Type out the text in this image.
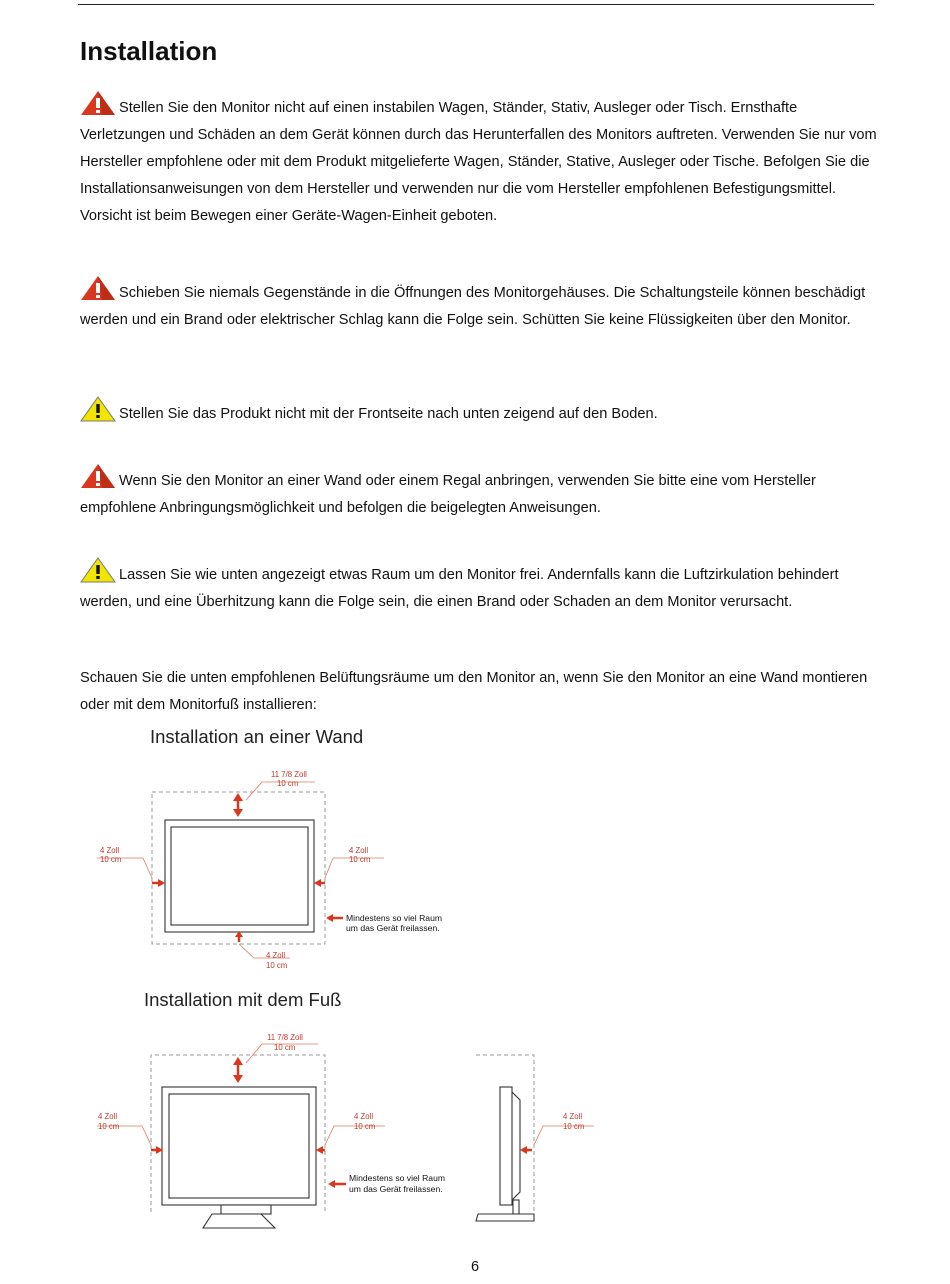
Installation

Stellen Sie den Monitor nicht auf einen instabilen Wagen, Ständer, Stativ, Ausleger oder Tisch. Ernsthafte Verletzungen und Schäden an dem Gerät können durch das Herunterfallen des Monitors auftreten. Verwenden Sie nur vom Hersteller empfohlene oder mit dem Produkt mitgelieferte Wagen, Ständer, Stative, Ausleger oder Tische. Befolgen Sie die Installationsanweisungen von dem Hersteller und verwenden nur die vom Hersteller empfohlenen Befestigungsmittel. Vorsicht ist beim Bewegen einer Geräte-Wagen-Einheit geboten.

Schieben Sie niemals Gegenstände in die Öffnungen des Monitorgehäuses. Die Schaltungsteile können beschädigt werden und ein Brand oder elektrischer Schlag kann die Folge sein. Schütten Sie keine Flüssigkeiten über den Monitor.

Stellen Sie das Produkt nicht mit der Frontseite nach unten zeigend auf den Boden.

Wenn Sie den Monitor an einer Wand oder einem Regal anbringen, verwenden Sie bitte eine vom Hersteller empfohlene Anbringungsmöglichkeit und befolgen die beigelegten Anweisungen.

Lassen Sie wie unten angezeigt etwas Raum um den Monitor frei. Andernfalls kann die Luftzirkulation behindert werden, und eine Überhitzung kann die Folge sein, die einen Brand oder Schaden an dem Monitor verursacht.

Schauen Sie die unten empfohlenen Belüftungsräume um den Monitor an, wenn Sie den Monitor an eine Wand montieren oder mit dem Monitorfuß installieren:

Installation an einer Wand

Installation mit dem Fuß

11 7/8 Zoll
10 cm
4 Zoll
10 cm
4 Zoll
10 cm
4 Zoll
10 cm
Mindestens so viel Raum
um das Gerät freilassen.
11 7/8 Zoll
10 cm
4 Zoll
10 cm
4 Zoll
10 cm
Mindestens so viel Raum
um das Gerät freilassen.
4 Zoll
10 cm
6
